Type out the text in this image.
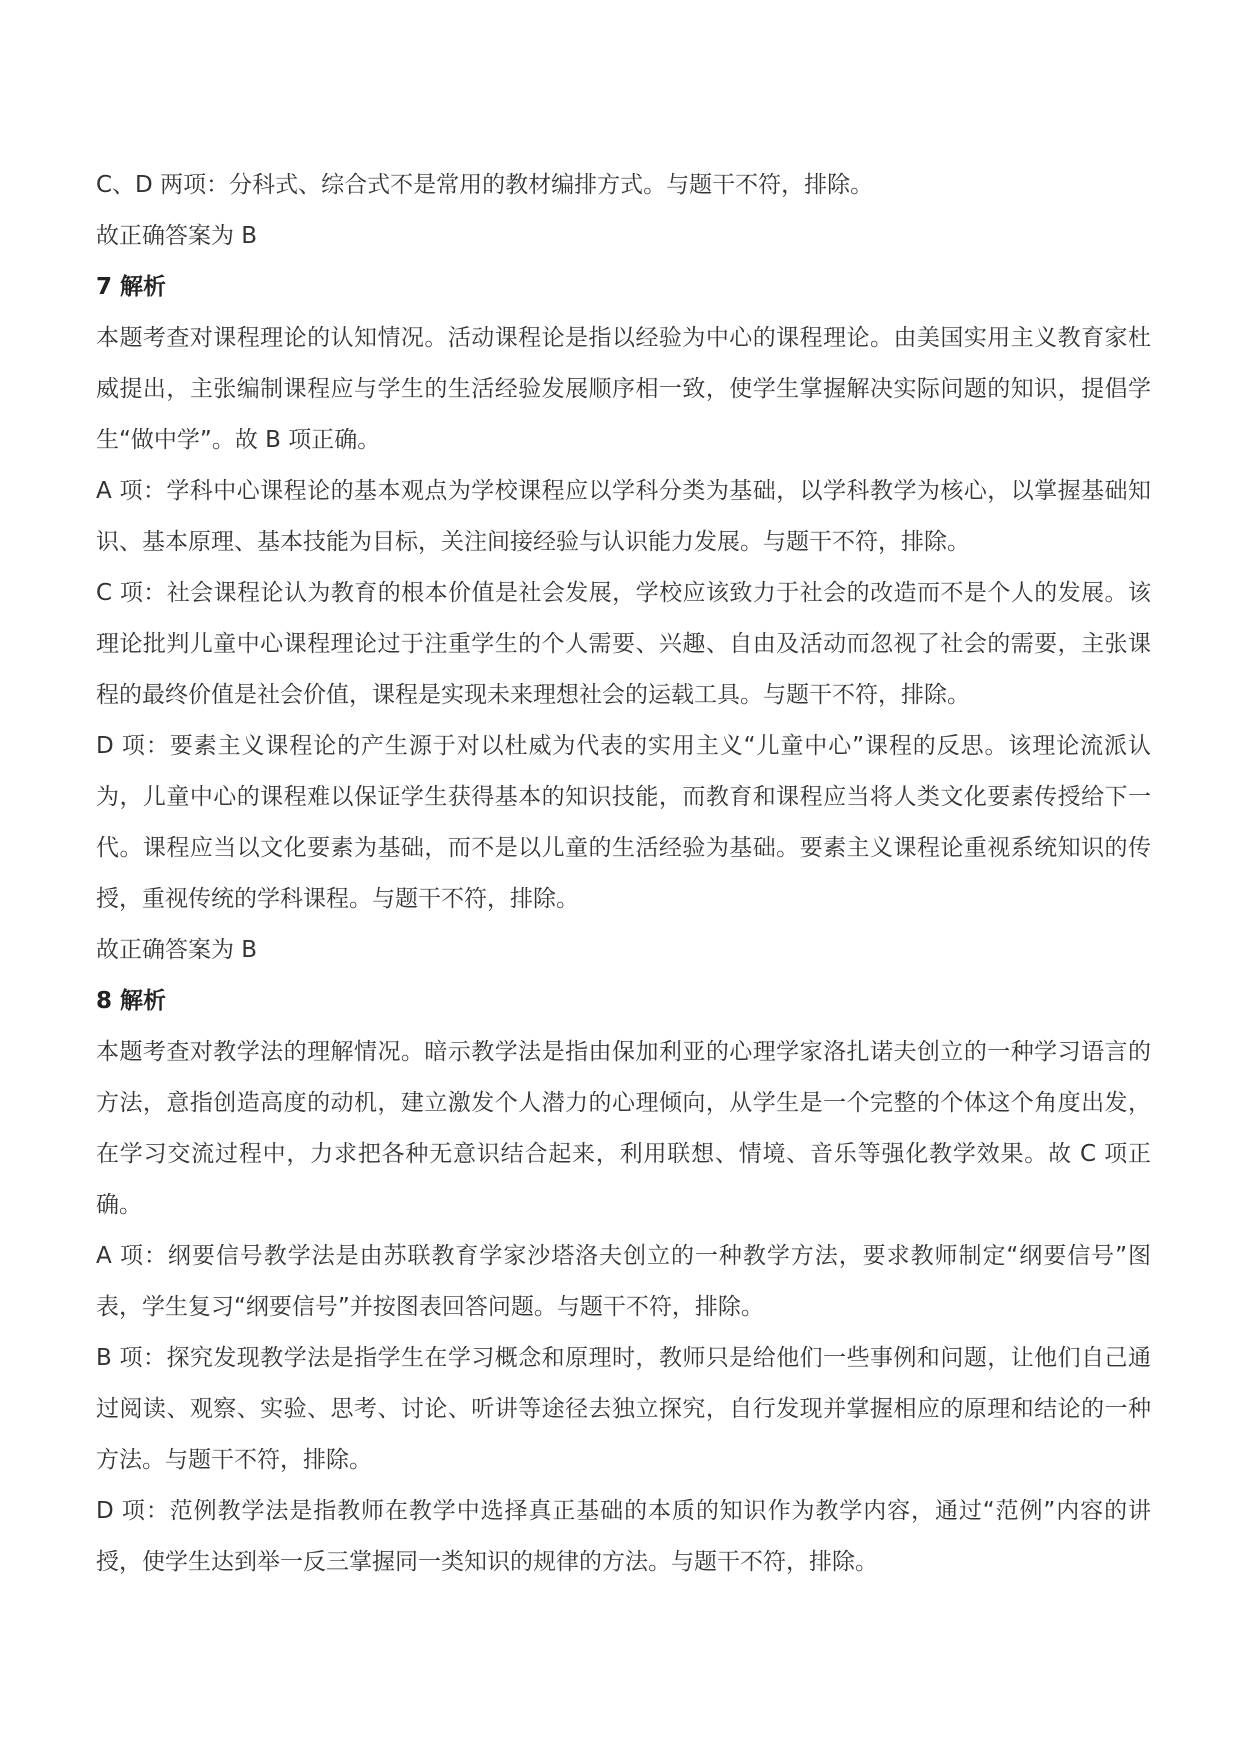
C、D 两项：分科式、综合式不是常用的教材编排方式。与题干不符，排除。

故正确答案为 B

7 解析

本题考查对课程理论的认知情况。活动课程论是指以经验为中心的课程理论。由美国实用主义教育家杜威提出，主张编制课程应与学生的生活经验发展顺序相一致，使学生掌握解决实际问题的知识，提倡学生“做中学”。故 B 项正确。

A 项：学科中心课程论的基本观点为学校课程应以学科分类为基础，以学科教学为核心，以掌握基础知识、基本原理、基本技能为目标，关注间接经验与认识能力发展。与题干不符，排除。

C 项：社会课程论认为教育的根本价值是社会发展，学校应该致力于社会的改造而不是个人的发展。该理论批判儿童中心课程理论过于注重学生的个人需要、兴趣、自由及活动而忽视了社会的需要，主张课程的最终价值是社会价值，课程是实现未来理想社会的运载工具。与题干不符，排除。

D 项：要素主义课程论的产生源于对以杜威为代表的实用主义“儿童中心”课程的反思。该理论流派认为，儿童中心的课程难以保证学生获得基本的知识技能，而教育和课程应当将人类文化要素传授给下一代。课程应当以文化要素为基础，而不是以儿童的生活经验为基础。要素主义课程论重视系统知识的传授，重视传统的学科课程。与题干不符，排除。

故正确答案为 B

8 解析

本题考查对教学法的理解情况。暗示教学法是指由保加利亚的心理学家洛扎诺夫创立的一种学习语言的方法，意指创造高度的动机，建立激发个人潜力的心理倾向，从学生是一个完整的个体这个角度出发，在学习交流过程中，力求把各种无意识结合起来，利用联想、情境、音乐等强化教学效果。故 C 项正确。

A 项：纲要信号教学法是由苏联教育学家沙塔洛夫创立的一种教学方法，要求教师制定“纲要信号”图表，学生复习“纲要信号”并按图表回答问题。与题干不符，排除。

B 项：探究发现教学法是指学生在学习概念和原理时，教师只是给他们一些事例和问题，让他们自己通过阅读、观察、实验、思考、讨论、听讲等途径去独立探究，自行发现并掌握相应的原理和结论的一种方法。与题干不符，排除。

D 项：范例教学法是指教师在教学中选择真正基础的本质的知识作为教学内容，通过“范例”内容的讲授，使学生达到举一反三掌握同一类知识的规律的方法。与题干不符，排除。
